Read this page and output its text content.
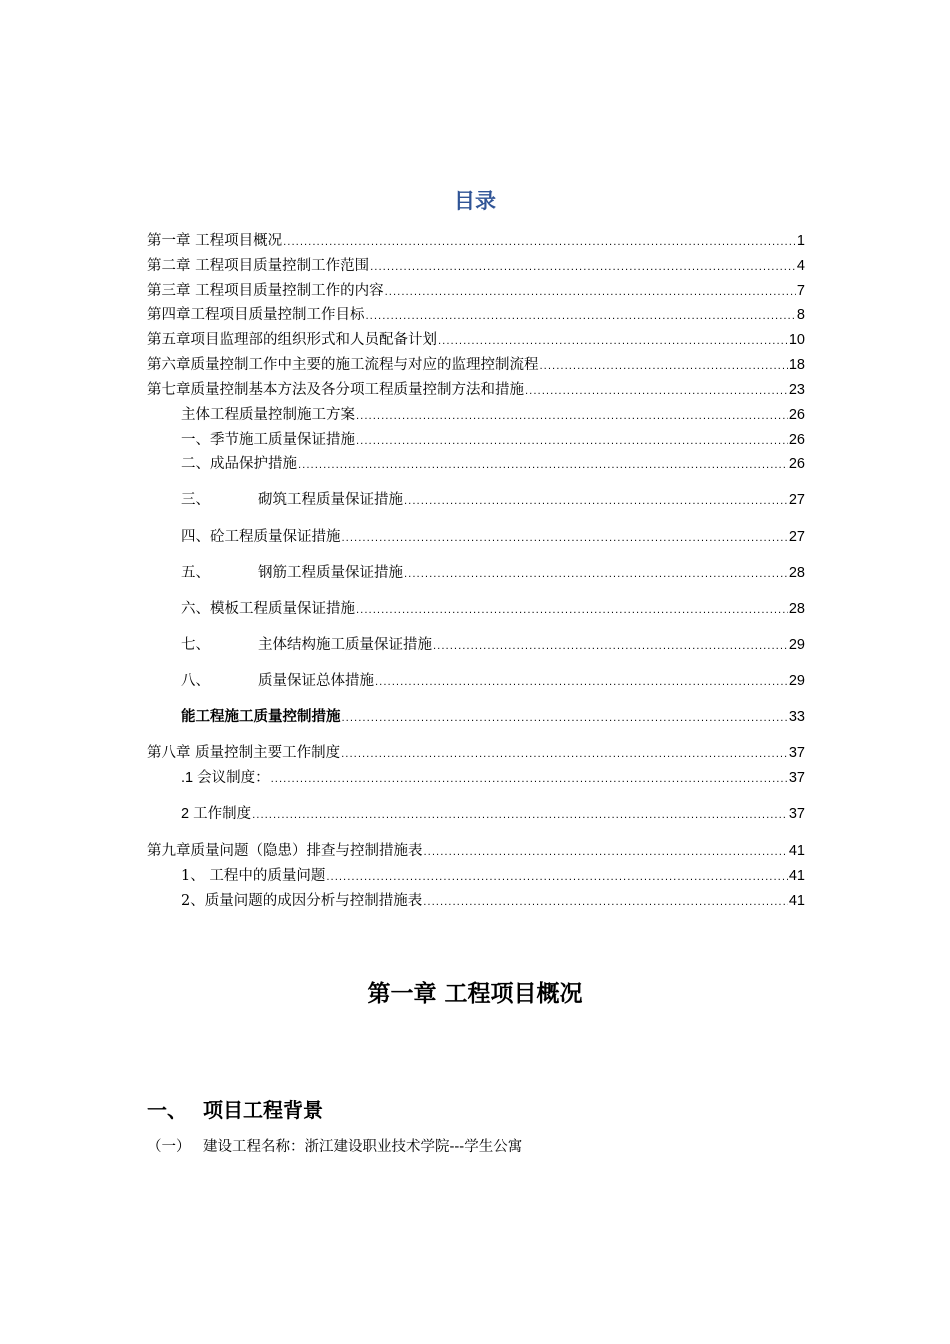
目录
第一章 工程项目概况 .....	1
第二章 工程项目质量控制工作范围 .....	4
第三章 工程项目质量控制工作的内容 .....	7
第四章工程项目质量控制工作目标 .....	8
第五章项目监理部的组织形式和人员配备计划 .....	10
第六章质量控制工作中主要的施工流程与对应的监理控制流程 .....	18
第七章质量控制基本方法及各分项工程质量控制方法和措施 .....	23
主体工程质量控制施工方案 .....	26
一、季节施工质量保证措施 .....	26
二、成品保护措施 .....	26
三、	砌筑工程质量保证措施 .....	27
四、砼工程质量保证措施 .....	27
五、	钢筋工程质量保证措施 .....	28
六、模板工程质量保证措施 .....	28
七、	主体结构施工质量保证措施 .....	29
八、	质量保证总体措施 .....	29
能工程施工质量控制措施 .....	33
第八章 质量控制主要工作制度 .....	37
.1 会议制度： .....	37
2 工作制度 .....	37
第九章质量问题（隐患）排查与控制措施表 .....	41
1、 工程中的质量问题 .....	41
2、质量问题的成因分析与控制措施表 .....	41
第一章 工程项目概况
一、 项目工程背景
（一） 建设工程名称：浙江建设职业技术学院---学生公寓
